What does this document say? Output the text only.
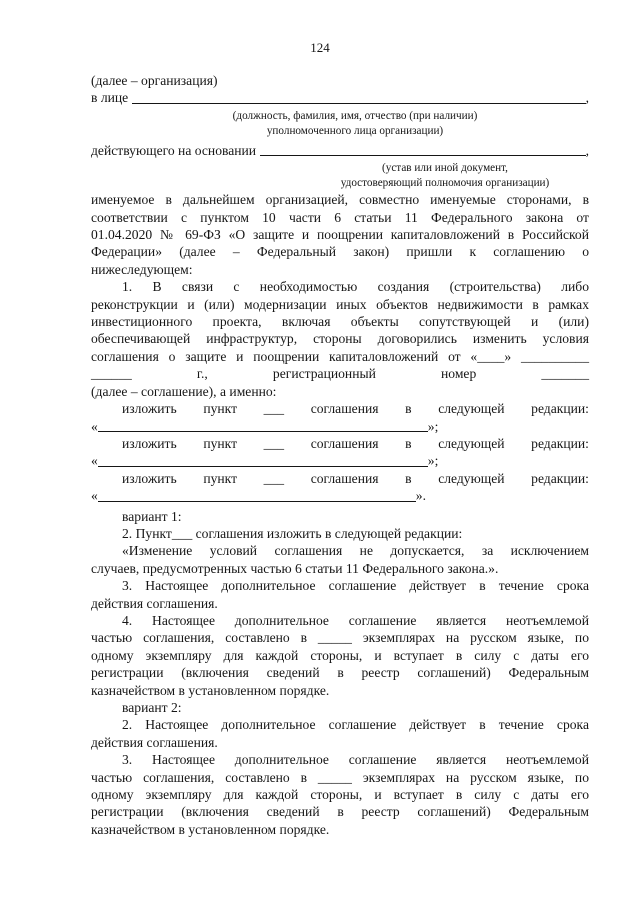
124
(далее – организация)
в лице	,
(должность, фамилия, имя, отчество (при наличии)
уполномоченного лица организации)
действующего на основании	,
(устав или иной документ,
удостоверяющий полномочия организации)
именуемое в дальнейшем организацией, совместно именуемые сторонами, в
соответствии с пунктом 10 части 6 статьи 11 Федерального закона от
01.04.2020 № 69-ФЗ «О защите и поощрении капиталовложений в Российской
Федерации» (далее – Федеральный закон) пришли к соглашению о
нижеследующем:
1. В связи с необходимостью создания (строительства) либо
реконструкции и (или) модернизации иных объектов недвижимости в рамках
инвестиционного проекта, включая объекты сопутствующей и (или)
обеспечивающей инфраструктур, стороны договорились изменить условия
соглашения о защите и поощрении капиталовложений от «____» __________
______ г., регистрационный номер _______
(далее – соглашение), а именно:
изложить пункт ___ соглашения в следующей редакции:
«	»;
изложить пункт ___ соглашения в следующей редакции:
«	»;
изложить пункт ___ соглашения в следующей редакции:
«	».
вариант 1:
2. Пункт___ соглашения изложить в следующей редакции:
«Изменение условий соглашения не допускается, за исключением
случаев, предусмотренных частью 6 статьи 11 Федерального закона.».
3. Настоящее дополнительное соглашение действует в течение срока
действия соглашения.
4. Настоящее дополнительное соглашение является неотъемлемой
частью соглашения, составлено в _____ экземплярах на русском языке, по
одному экземпляру для каждой стороны, и вступает в силу с даты его
регистрации (включения сведений в реестр соглашений) Федеральным
казначейством в установленном порядке.
вариант 2:
2. Настоящее дополнительное соглашение действует в течение срока
действия соглашения.
3. Настоящее дополнительное соглашение является неотъемлемой
частью соглашения, составлено в _____ экземплярах на русском языке, по
одному экземпляру для каждой стороны, и вступает в силу с даты его
регистрации (включения сведений в реестр соглашений) Федеральным
казначейством в установленном порядке.
